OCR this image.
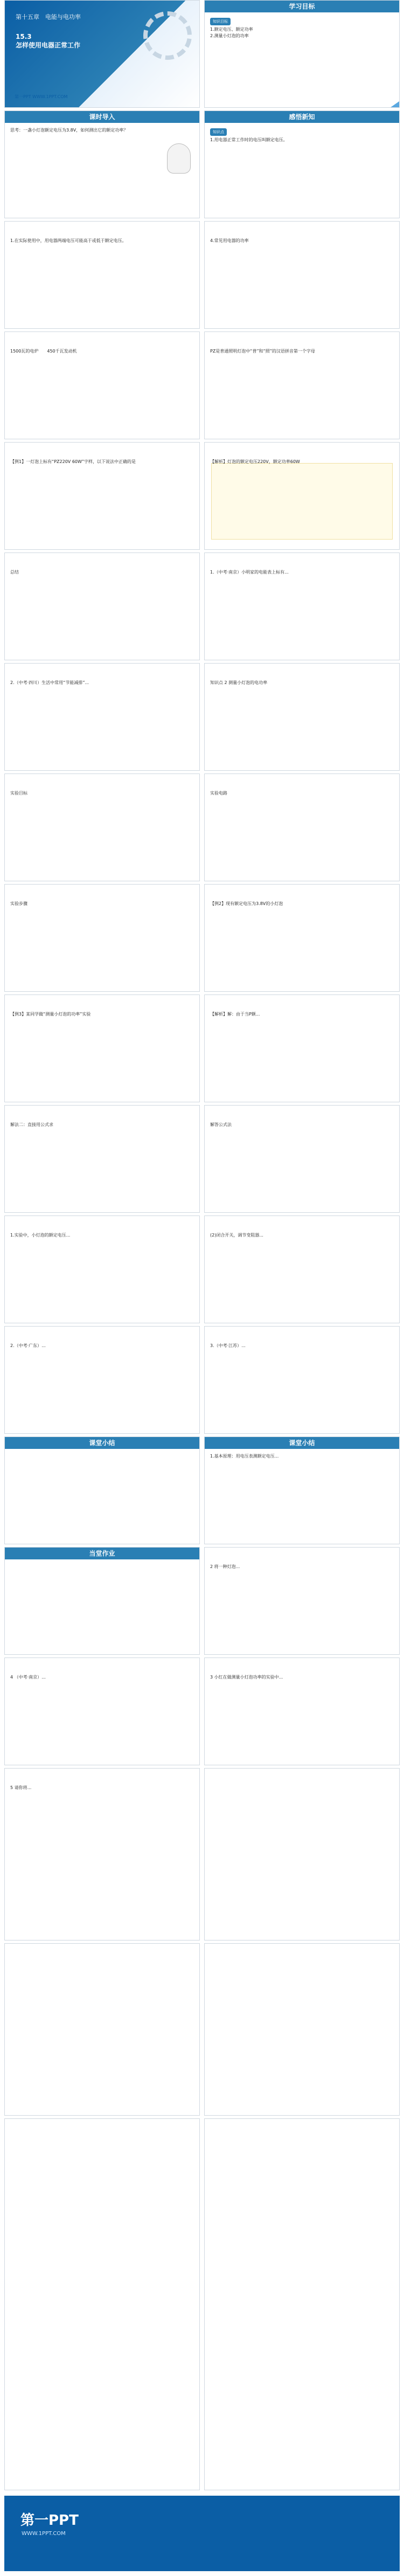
第十五章　电能与电功率
15.3
怎样使用电器正常工作
第一PPT WWW.1PPT.COM
学习目标
知识目标
1.额定电压、额定功率
2.测量小灯泡的功率
课时导入
思考：一盏小灯泡额定电压为3.8V，如何测出它的额定功率？
感悟新知
知识点
1.用电器正常工作时的电压叫额定电压。
1.在实际使用中，用电器两端电压可能高于或低于额定电压。	4.常见用电器的功率
1500瓦的电炉　　450千瓦发动机	PZ是普通照明灯泡中“普”和“照”的汉语拼音第一个字母
【例1】一灯泡上标有“PZ220V 60W”字样，以下说法中正确的是	【解析】灯泡的额定电压220V，额定功率60W
总结	1.（中考·南京）小明家的电能表上标有...
2.（中考·四川）生活中常用“节能减排”...	知识点 2 测量小灯泡的电功率
实验目标	实验电路
实验步骤	【例2】现有额定电压为3.8V的小灯泡
【例3】某同学做“测量小灯泡的功率”实验	【解析】解：由于当P额...
解法二：直接用公式求	解答公式法
1.实验中，小灯泡的额定电压...	(2)闭合开关，调节变阻器...
2.（中考·广东）...	3.（中考·江苏）...
课堂小结	课堂小结
1.基本原理：用电压表测额定电压...
当堂作业
2 将一种灯泡...
4 （中考·南京）...	3 小红在做测量小灯泡功率的实验中...
5 请你将...
第一PPT
WWW.1PPT.COM
